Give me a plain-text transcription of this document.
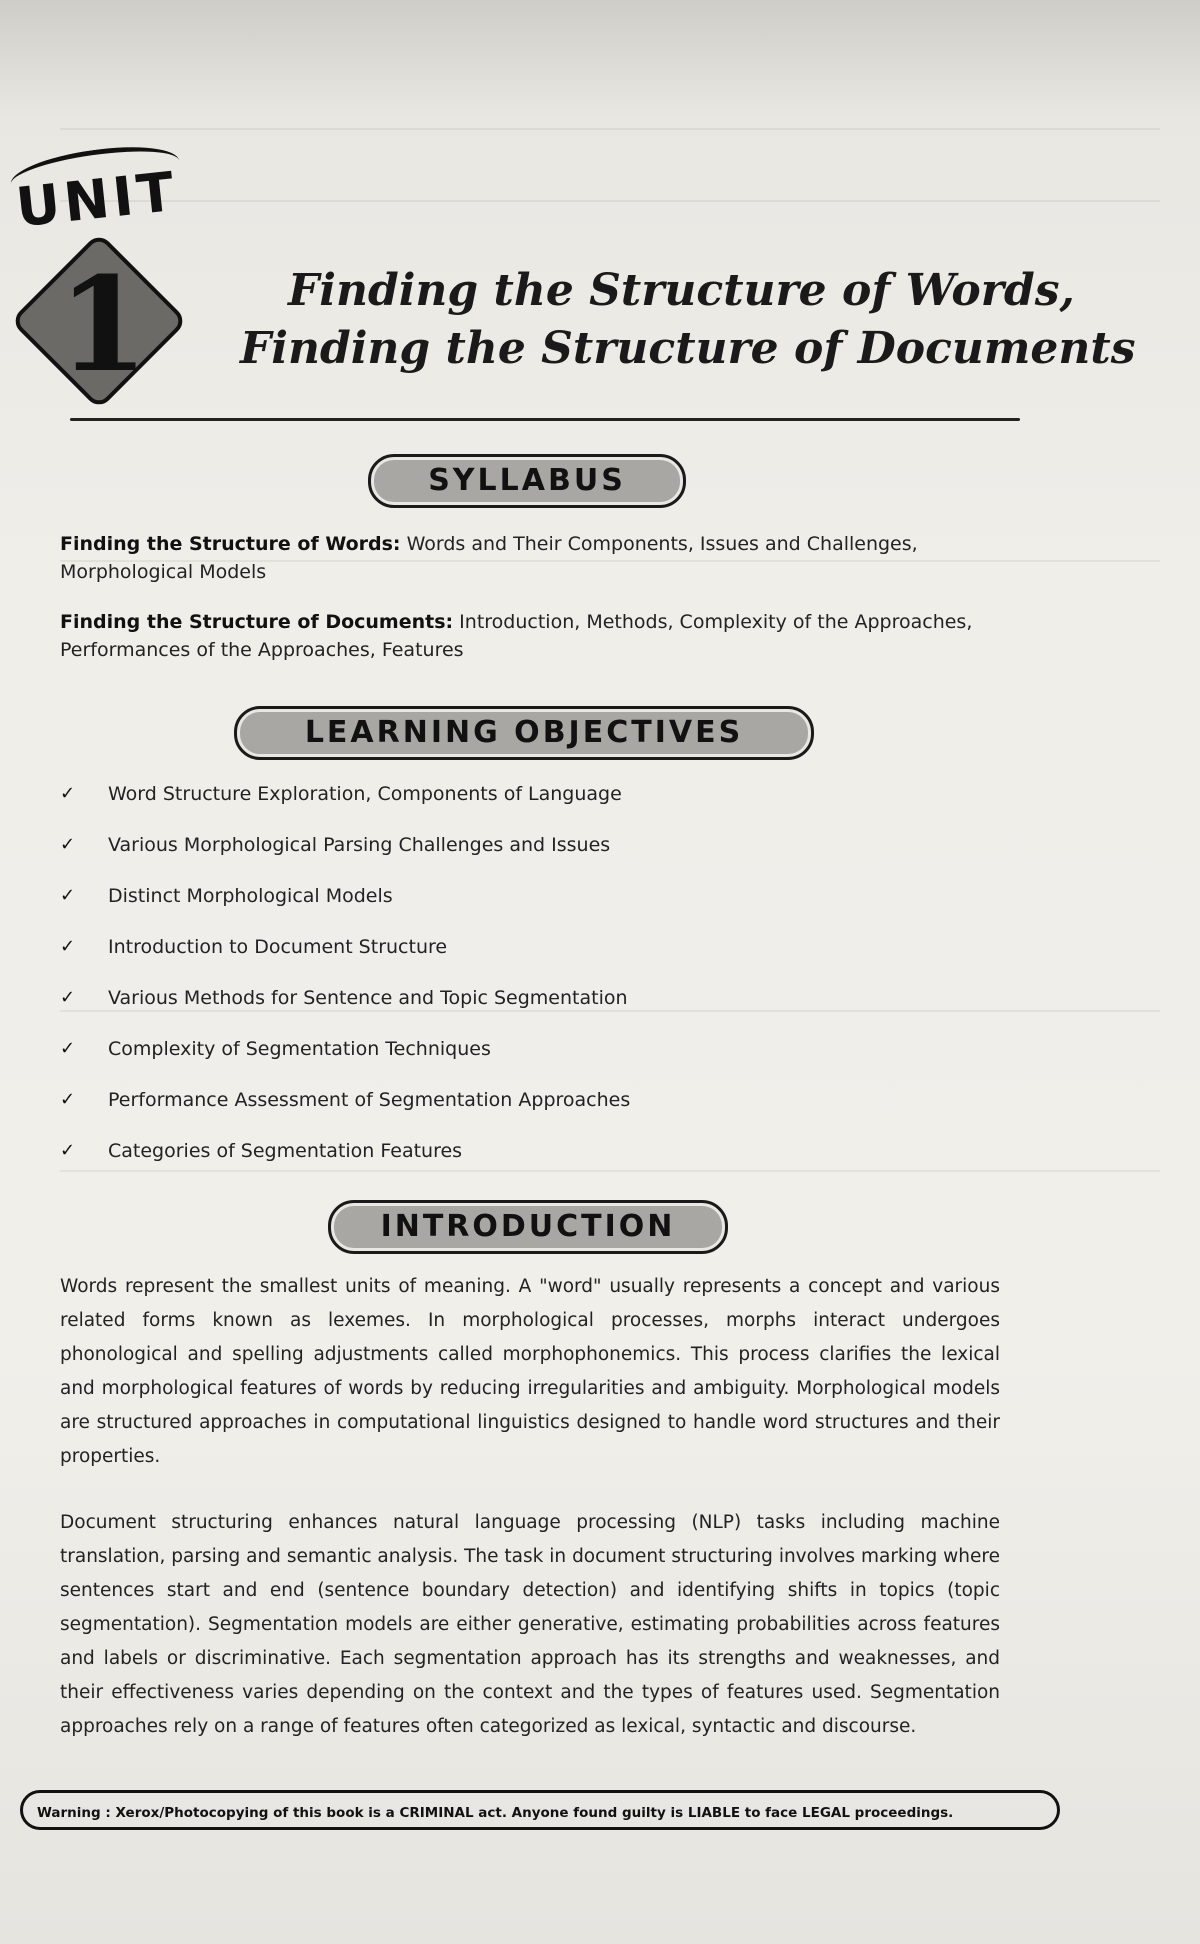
UNIT
1	Finding the Structure of Words,
Finding the Structure of Documents
SYLLABUS
Finding the Structure of Words: Words and Their Components, Issues and Challenges, Morphological Models
Finding the Structure of Documents: Introduction, Methods, Complexity of the Approaches, Performances of the Approaches, Features
LEARNING OBJECTIVES
✓ Word Structure Exploration, Components of Language
✓ Various Morphological Parsing Challenges and Issues
✓ Distinct Morphological Models
✓ Introduction to Document Structure
✓ Various Methods for Sentence and Topic Segmentation
✓ Complexity of Segmentation Techniques
✓ Performance Assessment of Segmentation Approaches
✓ Categories of Segmentation Features
INTRODUCTION

Words represent the smallest units of meaning. A "word" usually represents a concept and various related forms known as lexemes. In morphological processes, morphs interact undergoes phonological and spelling adjustments called morphophonemics. This process clarifies the lexical and morphological features of words by reducing irregularities and ambiguity. Morphological models are structured approaches in computational linguistics designed to handle word structures and their properties.

Document structuring enhances natural language processing (NLP) tasks including machine translation, parsing and semantic analysis. The task in document structuring involves marking where sentences start and end (sentence boundary detection) and identifying shifts in topics (topic segmentation). Segmentation models are either generative, estimating probabilities across features and labels or discriminative. Each segmentation approach has its strengths and weaknesses, and their effectiveness varies depending on the context and the types of features used. Segmentation approaches rely on a range of features often categorized as lexical, syntactic and discourse.

Warning : Xerox/Photocopying of this book is a CRIMINAL act. Anyone found guilty is LIABLE to face LEGAL proceedings.
